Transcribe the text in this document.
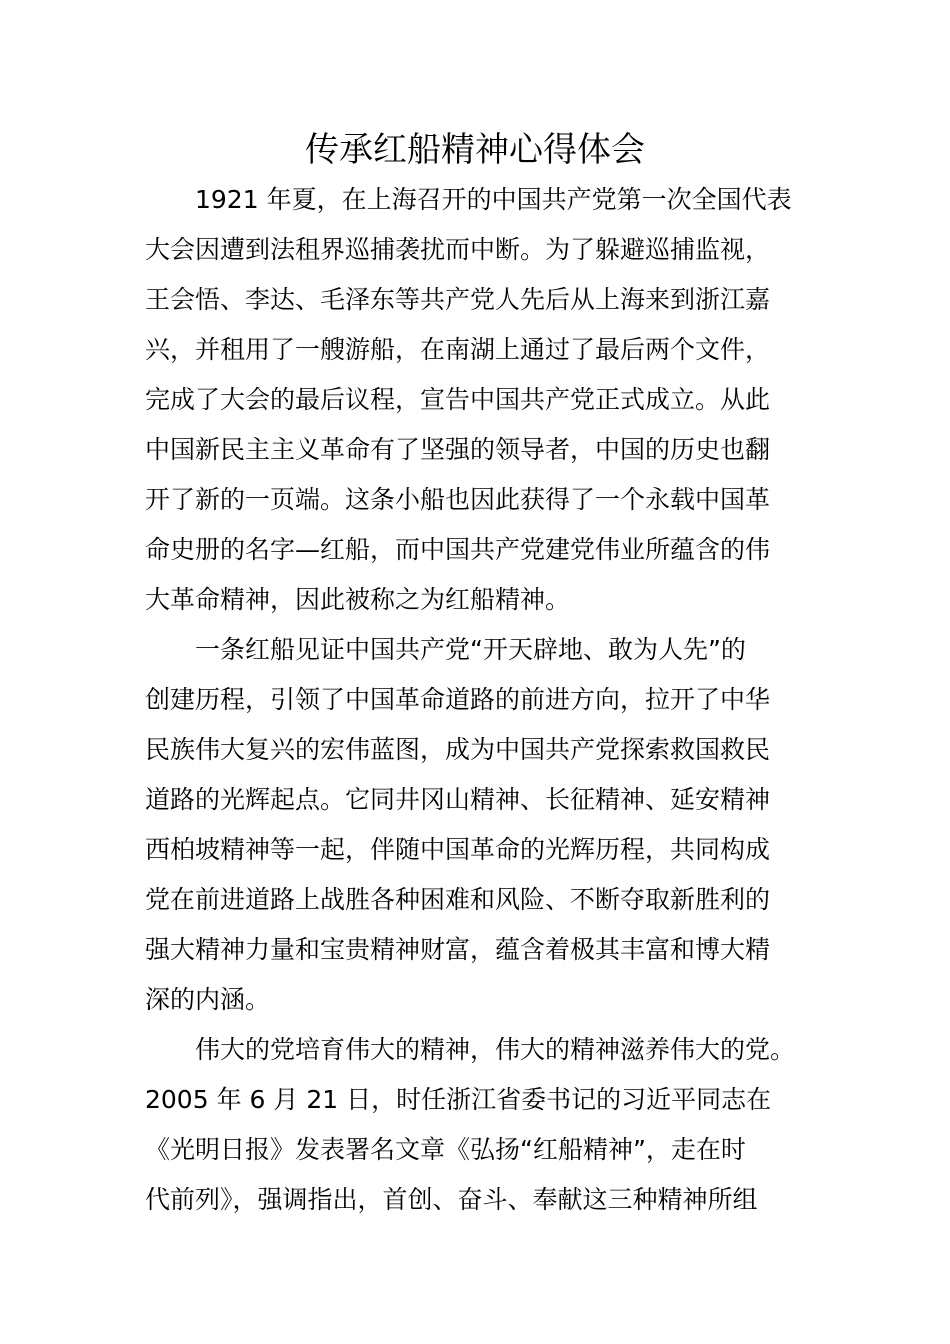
传承红船精神心得体会

1921 年夏，在上海召开的中国共产党第一次全国代表

大会因遭到法租界巡捕袭扰而中断。为了躲避巡捕监视，

王会悟、李达、毛泽东等共产党人先后从上海来到浙江嘉

兴，并租用了一艘游船，在南湖上通过了最后两个文件，

完成了大会的最后议程，宣告中国共产党正式成立。从此

中国新民主主义革命有了坚强的领导者，中国的历史也翻

开了新的一页端。这条小船也因此获得了一个永载中国革

命史册的名字—红船，而中国共产党建党伟业所蕴含的伟

大革命精神，因此被称之为红船精神。

一条红船见证中国共产党“开天辟地、敢为人先”的

创建历程，引领了中国革命道路的前进方向，拉开了中华

民族伟大复兴的宏伟蓝图，成为中国共产党探索救国救民

道路的光辉起点。它同井冈山精神、长征精神、延安精神

西柏坡精神等一起，伴随中国革命的光辉历程，共同构成

党在前进道路上战胜各种困难和风险、不断夺取新胜利的

强大精神力量和宝贵精神财富，蕴含着极其丰富和博大精

深的内涵。

伟大的党培育伟大的精神，伟大的精神滋养伟大的党。

2005 年 6 月 21 日，时任浙江省委书记的习近平同志在

《光明日报》发表署名文章《弘扬“红船精神”，走在时

代前列》，强调指出，首创、奋斗、奉献这三种精神所组
